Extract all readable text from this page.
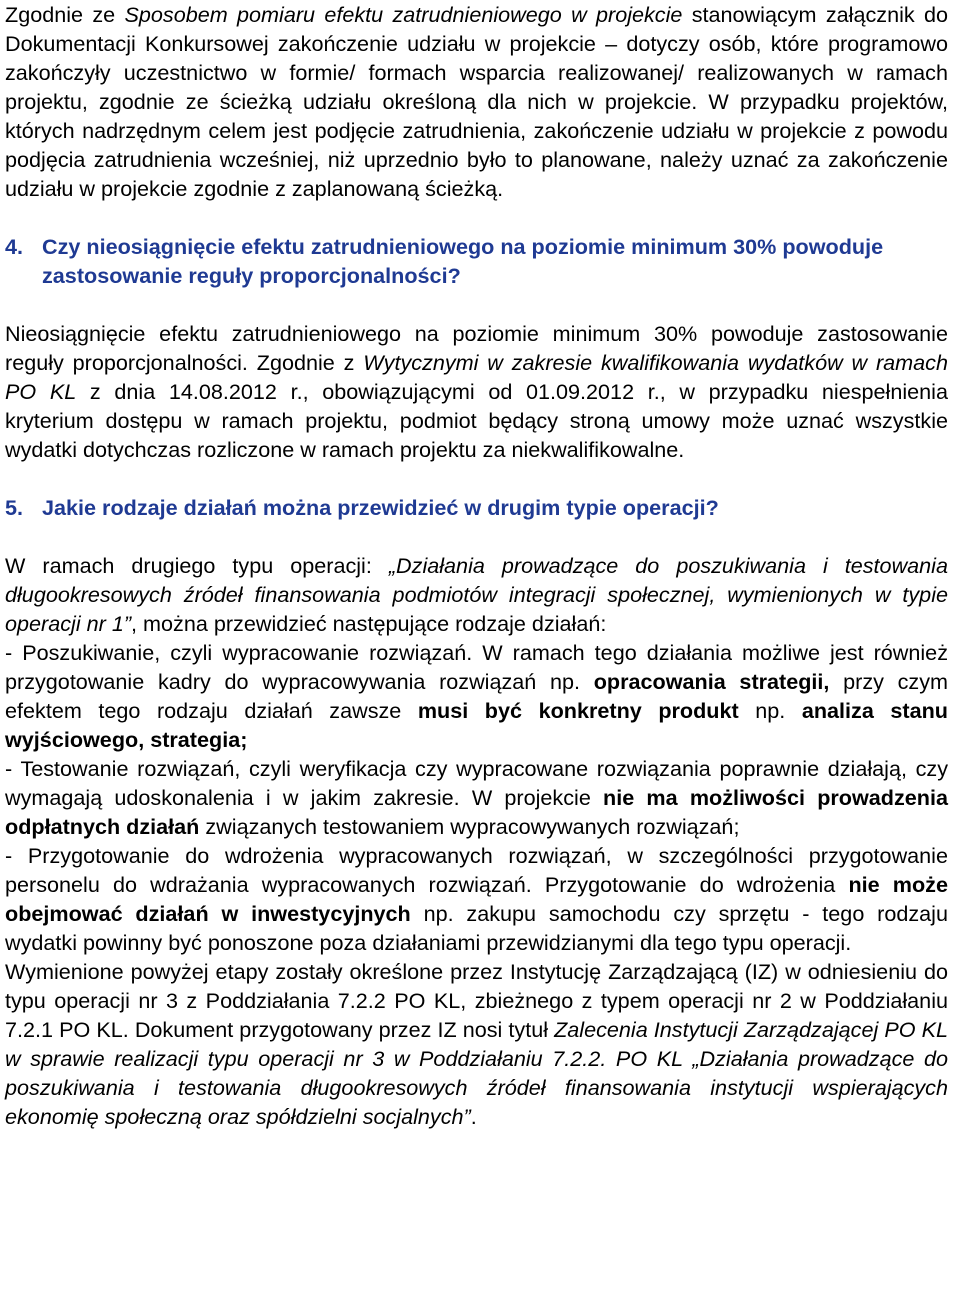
Zgodnie ze Sposobem pomiaru efektu zatrudnieniowego w projekcie stanowiącym załącznik do Dokumentacji Konkursowej zakończenie udziału w projekcie – dotyczy osób, które programowo zakończyły uczestnictwo w formie/ formach wsparcia realizowanej/ realizowanych w ramach projektu, zgodnie ze ścieżką udziału określoną dla nich w projekcie. W przypadku projektów, których nadrzędnym celem jest podjęcie zatrudnienia, zakończenie udziału w projekcie z powodu podjęcia zatrudnienia wcześniej, niż uprzednio było to planowane, należy uznać za zakończenie udziału w projekcie zgodnie z zaplanowaną ścieżką.

4. Czy nieosiągnięcie efektu zatrudnieniowego na poziomie minimum 30% powoduje zastosowanie reguły proporcjonalności?

Nieosiągnięcie efektu zatrudnieniowego na poziomie minimum 30% powoduje zastosowanie reguły proporcjonalności. Zgodnie z Wytycznymi w zakresie kwalifikowania wydatków w ramach PO KL z dnia 14.08.2012 r., obowiązującymi od 01.09.2012 r., w przypadku niespełnienia kryterium dostępu w ramach projektu, podmiot będący stroną umowy może uznać wszystkie wydatki dotychczas rozliczone w ramach projektu za niekwalifikowalne.

5. Jakie rodzaje działań można przewidzieć w drugim typie operacji?

W ramach drugiego typu operacji: „Działania prowadzące do poszukiwania i testowania długookresowych źródeł finansowania podmiotów integracji społecznej, wymienionych w typie operacji nr 1”, można przewidzieć następujące rodzaje działań:

- Poszukiwanie, czyli wypracowanie rozwiązań. W ramach tego działania możliwe jest również przygotowanie kadry do wypracowywania rozwiązań np. opracowania strategii, przy czym efektem tego rodzaju działań zawsze musi być konkretny produkt np. analiza stanu wyjściowego, strategia;

- Testowanie rozwiązań, czyli weryfikacja czy wypracowane rozwiązania poprawnie działają, czy wymagają udoskonalenia i w jakim zakresie. W projekcie nie ma możliwości prowadzenia odpłatnych działań związanych testowaniem wypracowywanych rozwiązań;

- Przygotowanie do wdrożenia wypracowanych rozwiązań, w szczególności przygotowanie personelu do wdrażania wypracowanych rozwiązań. Przygotowanie do wdrożenia nie może obejmować działań w inwestycyjnych np. zakupu samochodu czy sprzętu - tego rodzaju wydatki powinny być ponoszone poza działaniami przewidzianymi dla tego typu operacji.

Wymienione powyżej etapy zostały określone przez Instytucję Zarządzającą (IZ) w odniesieniu do typu operacji nr 3 z Poddziałania 7.2.2 PO KL, zbieżnego z typem operacji nr 2 w Poddziałaniu 7.2.1 PO KL. Dokument przygotowany przez IZ nosi tytuł Zalecenia Instytucji Zarządzającej PO KL w sprawie realizacji typu operacji nr 3 w Poddziałaniu 7.2.2. PO KL „Działania prowadzące do poszukiwania i testowania długookresowych źródeł finansowania instytucji wspierających ekonomię społeczną oraz spółdzielni socjalnych”.
